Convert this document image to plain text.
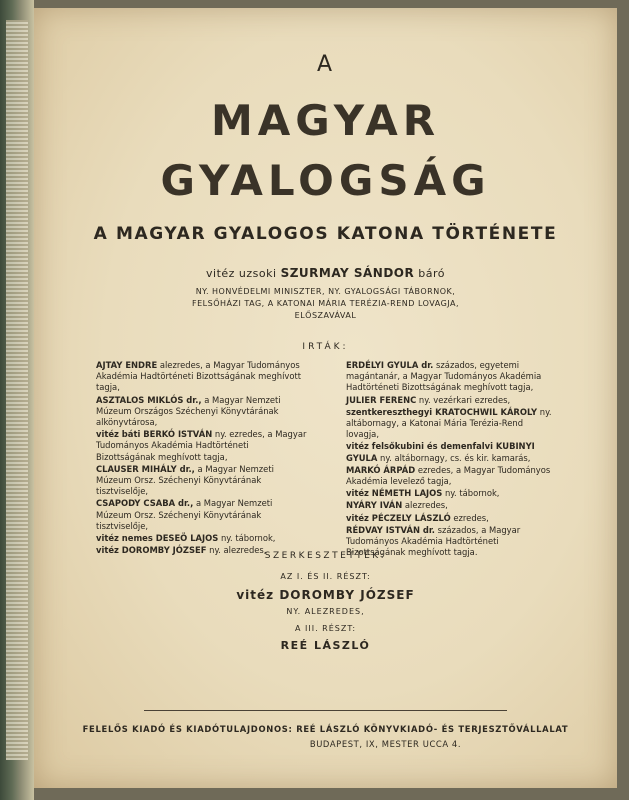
A
MAGYAR
GYALOGSÁG
A MAGYAR GYALOGOS KATONA TÖRTÉNETE
vitéz uzsoki SZURMAY SÁNDOR báró
NY. HONVÉDELMI MINISZTER, NY. GYALOGSÁGI TÁBORNOK,
FELSŐHÁZI TAG, A KATONAI MÁRIA TERÉZIA-REND LOVAGJA,
ELŐSZAVÁVAL
IRTÁK:
AJTAY ENDRE alezredes, a Magyar Tudományos Akadémia Hadtörténeti Bizottságának meghívott tagja,
ASZTALOS MIKLÓS dr., a Magyar Nemzeti Múzeum Országos Széchenyi Könyvtárának alkönyvtárosa,
vitéz báti BERKÓ ISTVÁN ny. ezredes, a Magyar Tudományos Akadémia Hadtörténeti Bizottságának meghívott tagja,
CLAUSER MIHÁLY dr., a Magyar Nemzeti Múzeum Orsz. Széchenyi Könyvtárának tisztviselője,
CSAPODY CSABA dr., a Magyar Nemzeti Múzeum Orsz. Széchenyi Könyvtárának tisztviselője,
vitéz nemes DESEÖ LAJOS ny. tábornok,
vitéz DOROMBY JÓZSEF ny. alezredes,
ERDÉLYI GYULA dr. százados, egyetemi magántanár, a Magyar Tudományos Akadémia Hadtörténeti Bizottságának meghívott tagja,
JULIER FERENC ny. vezérkari ezredes,
szentkereszthegyi KRATOCHWIL KÁROLY ny. altábornagy, a Katonai Mária Terézia-Rend lovagja,
vitéz felsőkubini és demenfalvi KUBINYI GYULA ny. altábornagy, cs. és kir. kamarás,
MARKÓ ÁRPÁD ezredes, a Magyar Tudományos Akadémia levelező tagja,
vitéz NÉMETH LAJOS ny. tábornok,
NYÁRY IVÁN alezredes,
vitéz PÉCZELY LÁSZLÓ ezredes,
RÉDVAY ISTVÁN dr. százados, a Magyar Tudományos Akadémia Hadtörténeti Bizottságának meghívott tagja.
SZERKESZTETTÉK:
AZ I. ÉS II. RÉSZT:
vitéz DOROMBY JÓZSEF
NY. ALEZREDES,
A III. RÉSZT:
REÉ LÁSZLÓ
FELELŐS KIADÓ ÉS KIADÓTULAJDONOS: REÉ LÁSZLÓ KÖNYVKIADÓ- ÉS TERJESZTŐVÁLLALAT
BUDAPEST, IX, MESTER UCCA 4.
